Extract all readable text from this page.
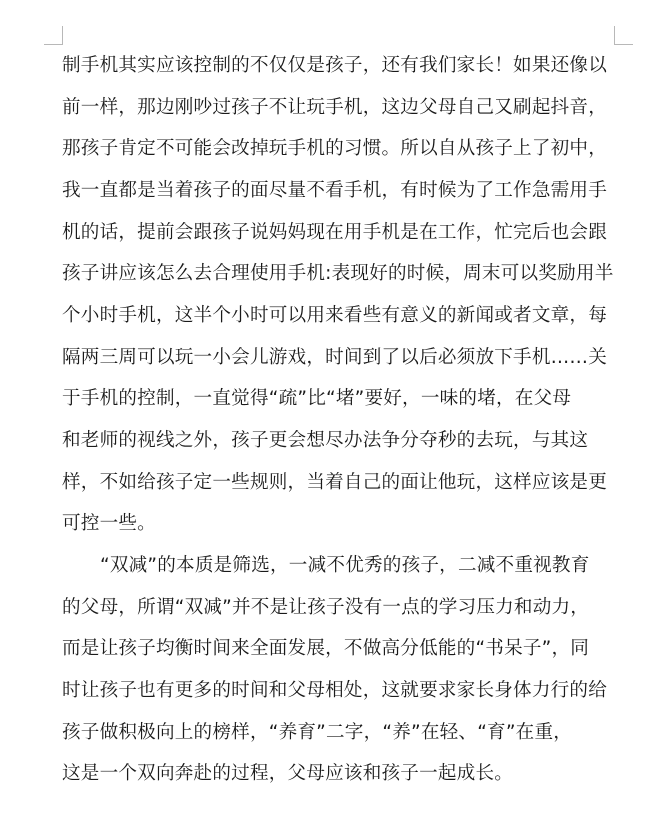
制手机其实应该控制的不仅仅是孩子，还有我们家长！如果还像以
前一样，那边刚吵过孩子不让玩手机，这边父母自己又刷起抖音，
那孩子肯定不可能会改掉玩手机的习惯。所以自从孩子上了初中，
我一直都是当着孩子的面尽量不看手机，有时候为了工作急需用手
机的话，提前会跟孩子说妈妈现在用手机是在工作，忙完后也会跟
孩子讲应该怎么去合理使用手机:表现好的时候，周末可以奖励用半
个小时手机，这半个小时可以用来看些有意义的新闻或者文章，每
隔两三周可以玩一小会儿游戏，时间到了以后必须放下手机……关
于手机的控制，一直觉得“疏”比“堵”要好，一味的堵，在父母
和老师的视线之外，孩子更会想尽办法争分夺秒的去玩，与其这
样，不如给孩子定一些规则，当着自己的面让他玩，这样应该是更
可控一些。
“双减”的本质是筛选，一减不优秀的孩子，二减不重视教育
的父母，所谓“双减”并不是让孩子没有一点的学习压力和动力，
而是让孩子均衡时间来全面发展，不做高分低能的“书呆子”，同
时让孩子也有更多的时间和父母相处，这就要求家长身体力行的给
孩子做积极向上的榜样，“养育”二字，“养”在轻、“育”在重，
这是一个双向奔赴的过程，父母应该和孩子一起成长。
